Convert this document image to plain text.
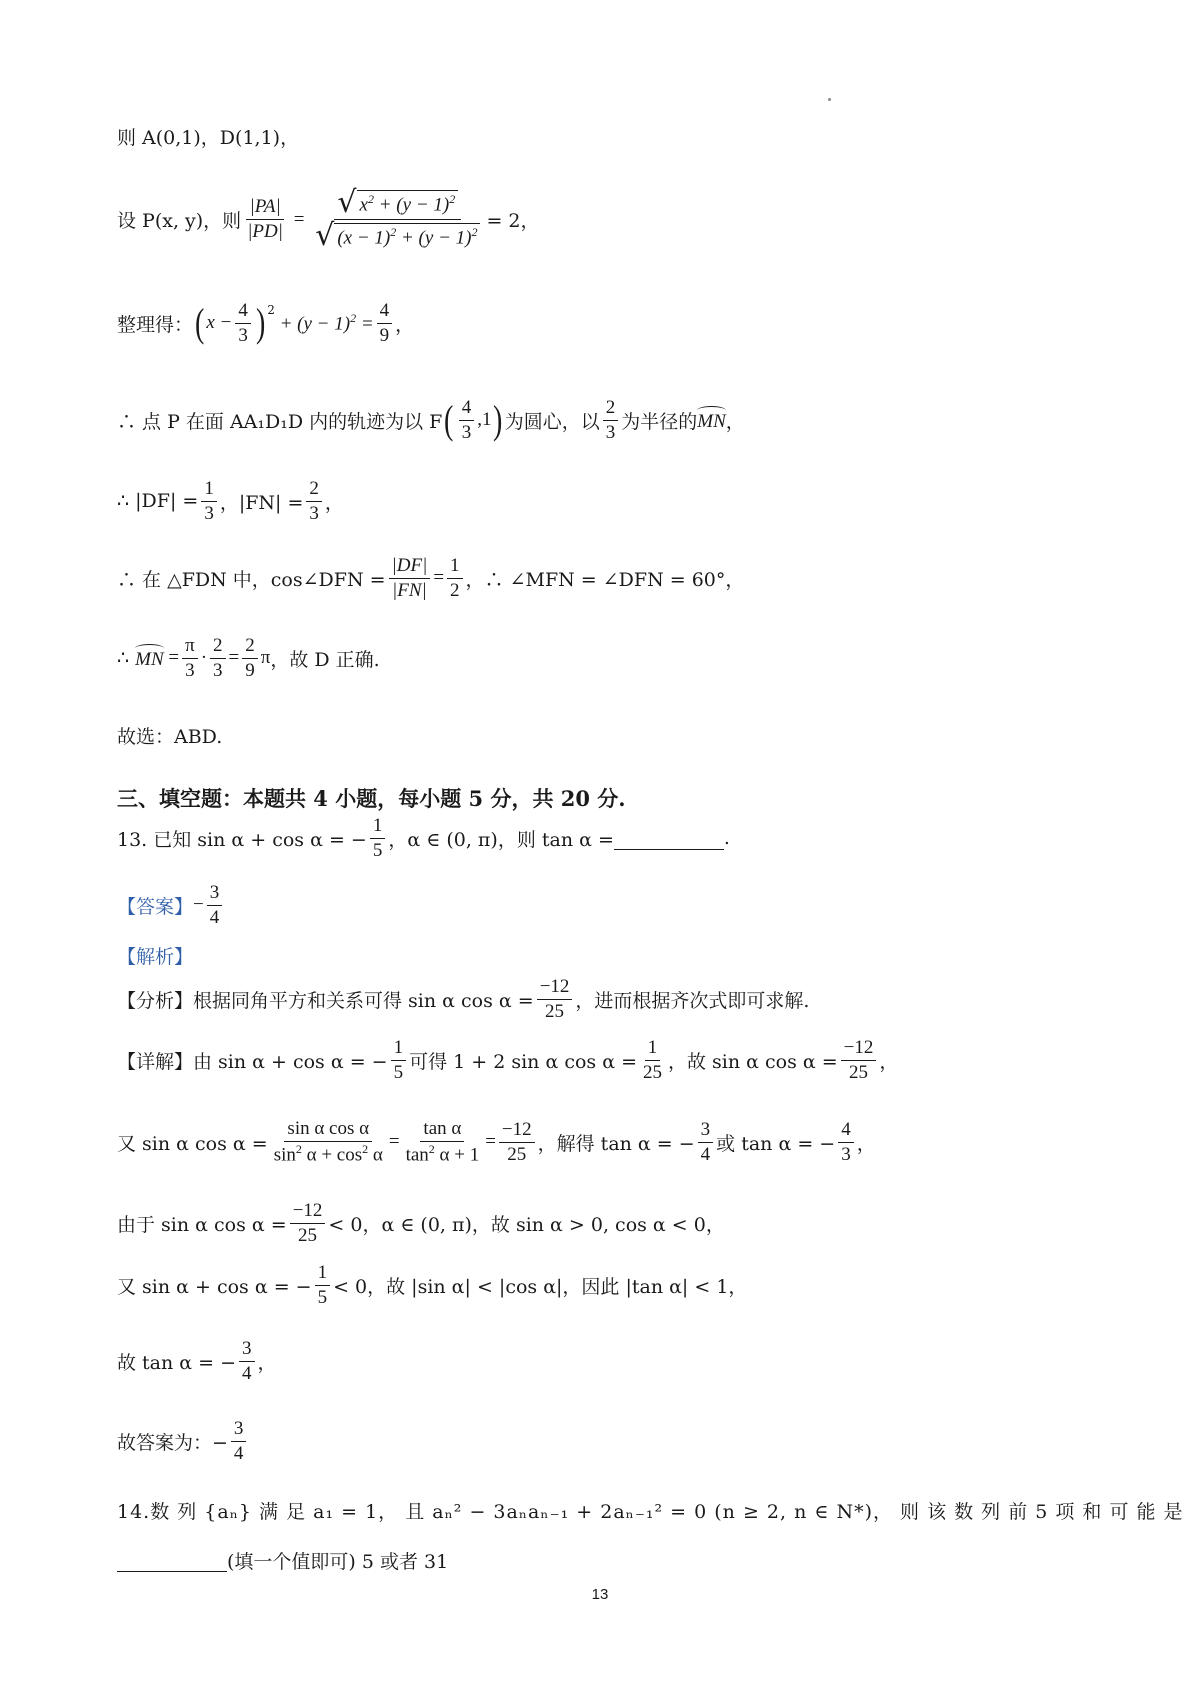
则 A(0,1)，D(1,1)，
设 P(x, y)，则 $\frac{|PA|}{|PD|} = \frac{√ x^2 + (y - 1)^2}{√ (x - 1)^2 + (y - 1)^2} = 2$，
整理得： ( $x - \frac{4}{3} )^2$
+ $(y - 1)^2 = \frac{4}{9}$ ，
∴ 点 P 在面 AA₁D₁D 内的轨迹为以 F ( $\frac{4}{3} ,1$ ) 为圆心，以 $\frac{2}{3}$ 为半径的 MN ，
∴ $|DF| = \frac{1}{3}$ ，$|FN| = \frac{2}{3}$ ，
∴ 在 △FDN 中，cos∠DFN = $\frac{|DF|}{|FN|} = \frac{1}{2}$ ，∴ ∠MFN = ∠DFN = 60°，
∴
MN = $\frac{\pi}{3} \cdot \frac{2}{3} = \frac{2}{9}$ π ，故 D 正确.
故选：ABD.
三、填空题：本题共 4 小题，每小题 5 分，共 20 分.
13. 已知 sin α + cos α = − $\frac{1}{5}$ ，α ∈ (0, π)，则 tan α =
	.
【答案】 − $\frac{3}{4}$
【解析】
【分析】根据同角平方和关系可得 sin α $\cos \alpha = \frac{-12}{25}$ ，进而根据齐次式即可求解.
【详解】由 sin α + cos α = − $\frac{1}{5}$ 可得 1 + 2 sin α $\cos \alpha = \frac{1}{25}$ ，故 sin α $\cos \alpha = \frac{-12}{25}$ ，
又 sin α $\cos \alpha = \frac{\text{sin α cos α}}{\sin^2 \alpha + \cos^2 \alpha} = \frac{\text{tan α}}{\tan^2 \alpha + 1} = \frac{-12}{25}$ ，解得 tan α = − $\frac{3}{4}$ 或 tan α = − $\frac{4}{3}$ ，
由于 sin α $\cos \alpha = \frac{-12}{25} < 0$，α ∈ (0, π)，故 sin α > 0, cos α < 0，
又 sin α + cos α = − $\frac{1}{5} < 0$，故 |sin α| < |cos α|，因此 |tan α| < 1，
故 tan α = − $\frac{3}{4}$ ，
故答案为：− $\frac{3}{4}$
14.数 列 {aₙ} 满 足 a₁ = 1， 且 aₙ² − 3aₙaₙ₋₁ + 2aₙ₋₁² = 0 (n ≥ 2, n ∈ N*)， 则 该 数 列 前 5 项 和 可 能 是

(填一个值即可) 5 或者 31
13
